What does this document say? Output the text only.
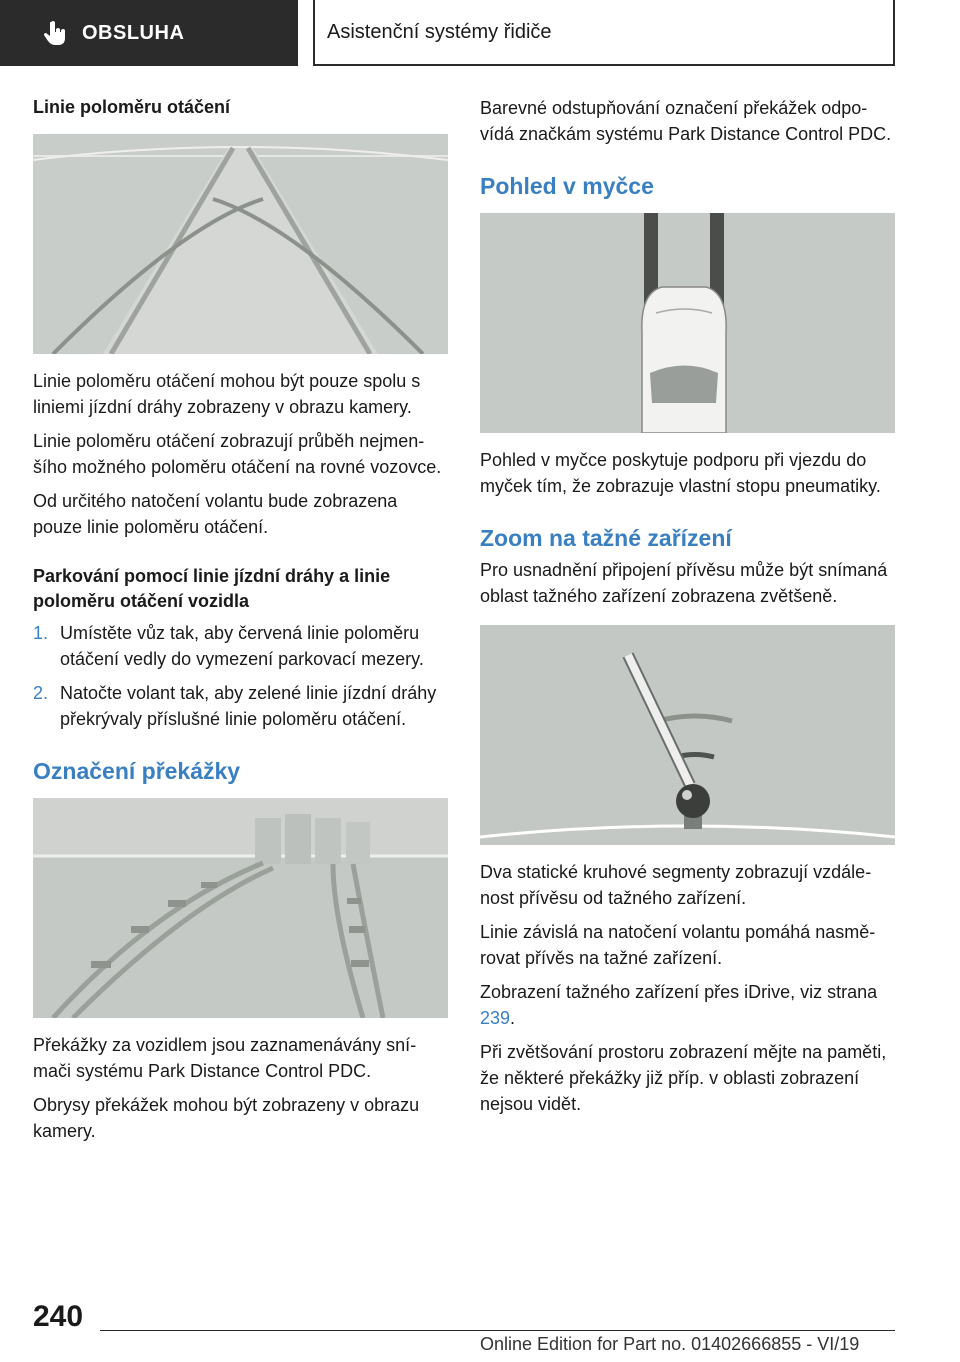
OBSLUHA	Asistenční systémy řidiče
Linie poloměru otáčení

Linie poloměru otáčení mohou být pouze spolu s liniemi jízdní dráhy zobrazeny v obrazu kamery.

Linie poloměru otáčení zobrazují průběh nejmenšího možného poloměru otáčení na rovné vozovce.

Od určitého natočení volantu bude zobrazena pouze linie poloměru otáčení.

Parkování pomocí linie jízdní dráhy a linie poloměru otáčení vozidla
1. Umístěte vůz tak, aby červená linie poloměru otáčení vedly do vymezení parkovací mezery.
2. Natočte volant tak, aby zelené linie jízdní dráhy překrývaly příslušné linie poloměru otáčení.
Označení překážky

Překážky za vozidlem jsou zaznamenávány snímači systému Park Distance Control PDC.

Obrysy překážek mohou být zobrazeny v obrazu kamery.

Barevné odstupňování označení překážek odpovídá značkám systému Park Distance Control PDC.

Pohled v myčce

Pohled v myčce poskytuje podporu při vjezdu do myček tím, že zobrazuje vlastní stopu pneumatiky.

Zoom na tažné zařízení

Pro usnadnění připojení přívěsu může být snímaná oblast tažného zařízení zobrazena zvětšeně.

Dva statické kruhové segmenty zobrazují vzdálenost přívěsu od tažného zařízení.

Linie závislá na natočení volantu pomáhá nasměrovat přívěs na tažné zařízení.

Zobrazení tažného zařízení přes iDrive, viz strana 239.

Při zvětšování prostoru zobrazení mějte na paměti, že některé překážky již příp. v oblasti zobrazení nejsou vidět.

240
Online Edition for Part no. 01402666855 - VI/19
